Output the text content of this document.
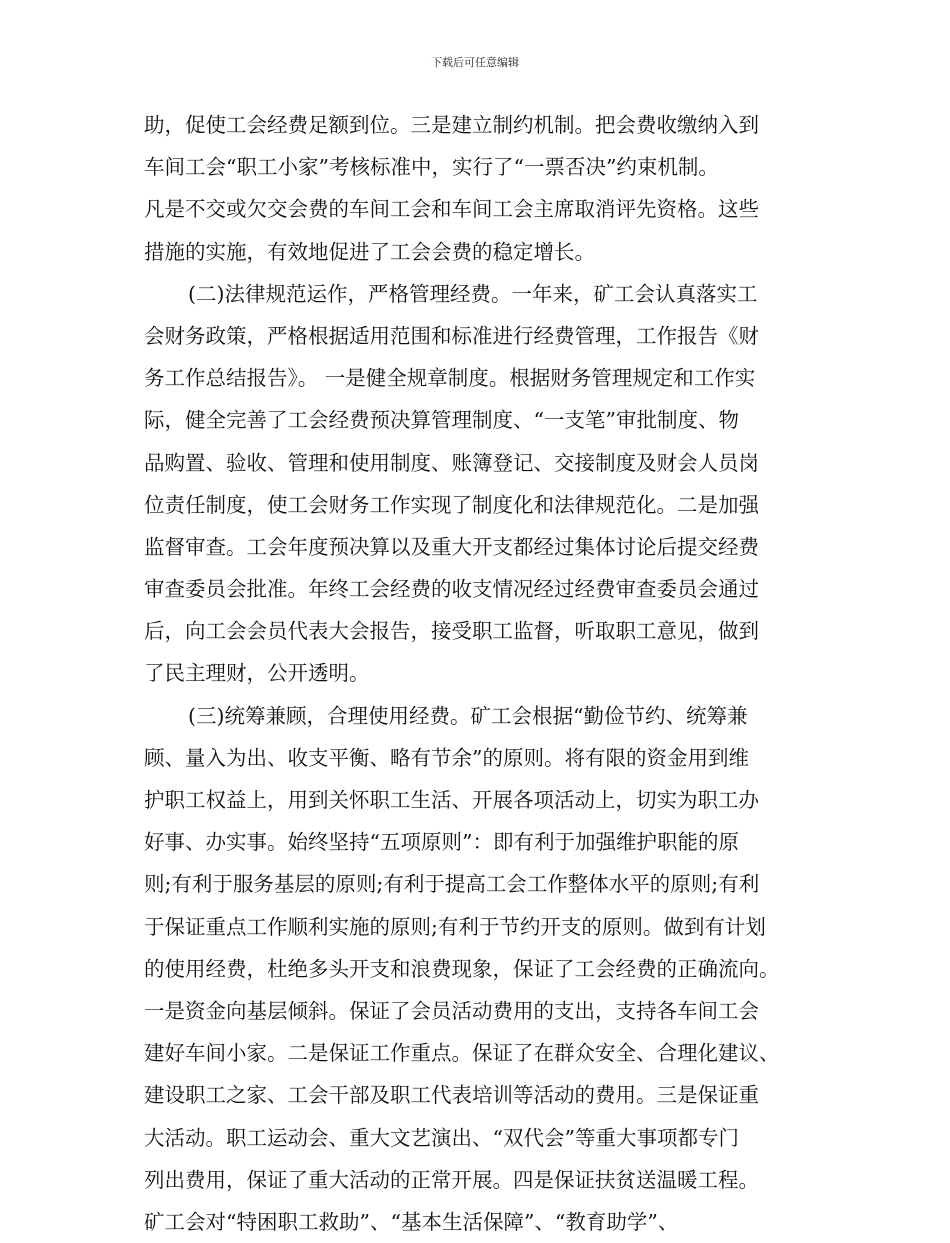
下载后可任意编辑
助，促使工会经费足额到位。三是建立制约机制。把会费收缴纳入到
车间工会“职工小家”考核标准中，实行了“一票否决”约束机制。
凡是不交或欠交会费的车间工会和车间工会主席取消评先资格。这些
措施的实施，有效地促进了工会会费的稳定增长。
(二)法律规范运作，严格管理经费。一年来，矿工会认真落实工
会财务政策，严格根据适用范围和标准进行经费管理，工作报告《财
务工作总结报告》。 一是健全规章制度。根据财务管理规定和工作实
际，健全完善了工会经费预决算管理制度、“一支笔”审批制度、物
品购置、验收、管理和使用制度、账簿登记、交接制度及财会人员岗
位责任制度，使工会财务工作实现了制度化和法律规范化。二是加强
监督审查。工会年度预决算以及重大开支都经过集体讨论后提交经费
审查委员会批准。年终工会经费的收支情况经过经费审查委员会通过
后，向工会会员代表大会报告，接受职工监督，听取职工意见，做到
了民主理财，公开透明。
(三)统筹兼顾，合理使用经费。矿工会根据“勤俭节约、统筹兼
顾、量入为出、收支平衡、略有节余”的原则。将有限的资金用到维
护职工权益上，用到关怀职工生活、开展各项活动上，切实为职工办
好事、办实事。始终坚持“五项原则”：即有利于加强维护职能的原
则;有利于服务基层的原则;有利于提高工会工作整体水平的原则;有利
于保证重点工作顺利实施的原则;有利于节约开支的原则。做到有计划
的使用经费，杜绝多头开支和浪费现象，保证了工会经费的正确流向。
一是资金向基层倾斜。保证了会员活动费用的支出，支持各车间工会
建好车间小家。二是保证工作重点。保证了在群众安全、合理化建议、
建设职工之家、工会干部及职工代表培训等活动的费用。三是保证重
大活动。职工运动会、重大文艺演出、“双代会”等重大事项都专门
列出费用，保证了重大活动的正常开展。四是保证扶贫送温暖工程。
矿工会对“特困职工救助”、“基本生活保障”、“教育助学”、
